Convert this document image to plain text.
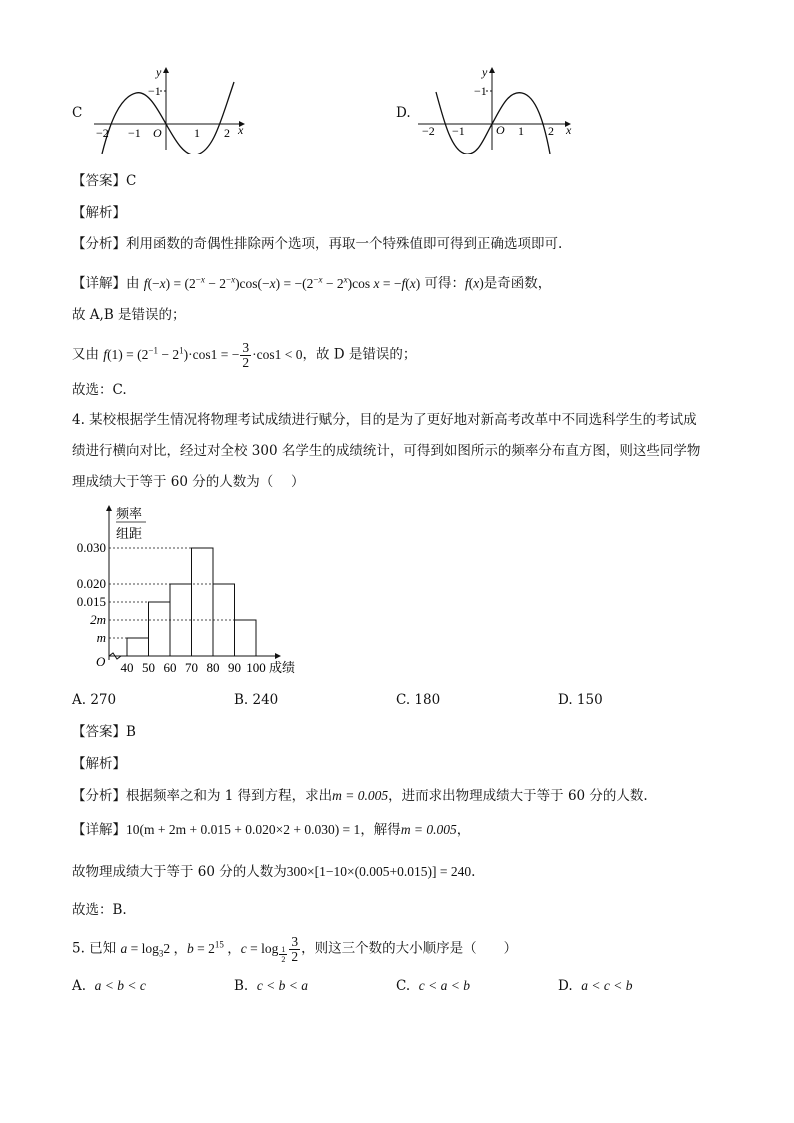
C
y
−1
O	x
−2 −1	1 2
D.
y
−1
O	x
−2 −1	1 2
【答案】C
【解析】
【分析】利用函数的奇偶性排除两个选项，再取一个特殊值即可得到正确选项即可.
【详解】由 $f(-x) = (2^{-x} - 2^{-x})\cos(-x) = -(2^{-x} - 2^x)\cos$ x = −f(x) 可得：f(x)是奇函数，
故 A,B 是错误的；
又由 $f(1) = (2^{-1} - 2^1)\cdot\cos 1$ = − $\frac{3}{2} \cdot\cos 1 < 0$，故 D 是错误的；
故选：C.
4. 某校根据学生情况将物理考试成绩进行赋分，目的是为了更好地对新高考改革中不同选科学生的考试成
绩进行横向对比，经过对全校 300 名学生的成绩统计，可得到如图所示的频率分布直方图，则这些同学物
理成绩大于等于 60 分的人数为（　 ）
0.030
0.020
0.015
2m
m
40 50 60 70 80 90 100
频率
组距
O	成绩
A. 270	B. 240	C. 180	D. 150
【答案】B
【解析】
【分析】根据频率之和为 1 得到方程，求出m = 0.005，进而求出物理成绩大于等于 60 分的人数.
【详解】10(m + 2m + 0.015 + 0.020×2 + 0.030) = 1，解得m = 0.005，
故物理成绩大于等于 60 分的人数为300×[1−10×(0.005+0.015)] = 240.
故选：B.
5. 已知 $a = \log_32$ ，$b = 2^{15}$ ，$c = \log _{\frac{1}{2}} \frac{3}{2}$ ，则这三个数的大小顺序是（　　）
A. a < b < c	B. c < b < a	C. c < a < b	D. a < c < b
